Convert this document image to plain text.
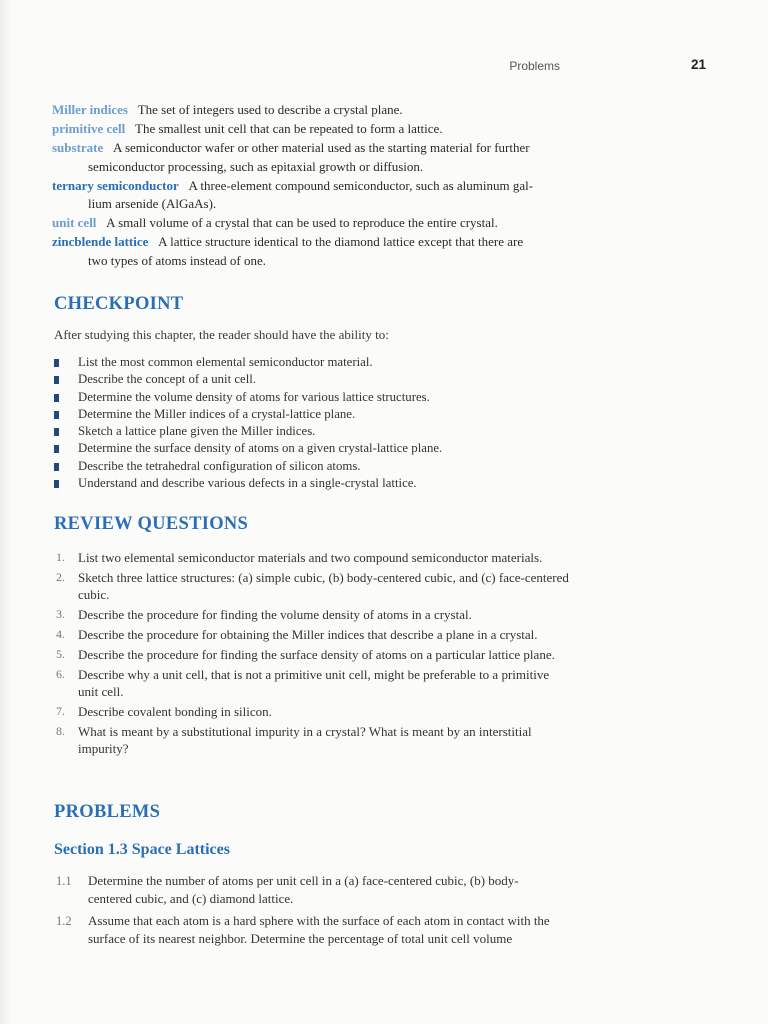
Problems	21
Miller indices The set of integers used to describe a crystal plane.
primitive cell The smallest unit cell that can be repeated to form a lattice.
substrate A semiconductor wafer or other material used as the starting material for further
semiconductor processing, such as epitaxial growth or diffusion.
ternary semiconductor A three-element compound semiconductor, such as aluminum gal-
lium arsenide (AlGaAs).
unit cell A small volume of a crystal that can be used to reproduce the entire crystal.
zincblende lattice A lattice structure identical to the diamond lattice except that there are
two types of atoms instead of one.
CHECKPOINT
After studying this chapter, the reader should have the ability to:
List the most common elemental semiconductor material.
Describe the concept of a unit cell.
Determine the volume density of atoms for various lattice structures.
Determine the Miller indices of a crystal-lattice plane.
Sketch a lattice plane given the Miller indices.
Determine the surface density of atoms on a given crystal-lattice plane.
Describe the tetrahedral configuration of silicon atoms.
Understand and describe various defects in a single-crystal lattice.
REVIEW QUESTIONS
1. List two elemental semiconductor materials and two compound semiconductor materials.
2. Sketch three lattice structures: (a) simple cubic, (b) body-centered cubic, and (c) face-centered cubic.
3. Describe the procedure for finding the volume density of atoms in a crystal.
4. Describe the procedure for obtaining the Miller indices that describe a plane in a crystal.
5. Describe the procedure for finding the surface density of atoms on a particular lattice plane.
6. Describe why a unit cell, that is not a primitive unit cell, might be preferable to a primitive unit cell.
7. Describe covalent bonding in silicon.
8. What is meant by a substitutional impurity in a crystal? What is meant by an interstitial impurity?
PROBLEMS
Section 1.3 Space Lattices
1.1 Determine the number of atoms per unit cell in a (a) face-centered cubic, (b) body-centered cubic, and (c) diamond lattice.
1.2 Assume that each atom is a hard sphere with the surface of each atom in contact with the surface of its nearest neighbor. Determine the percentage of total unit cell volume
